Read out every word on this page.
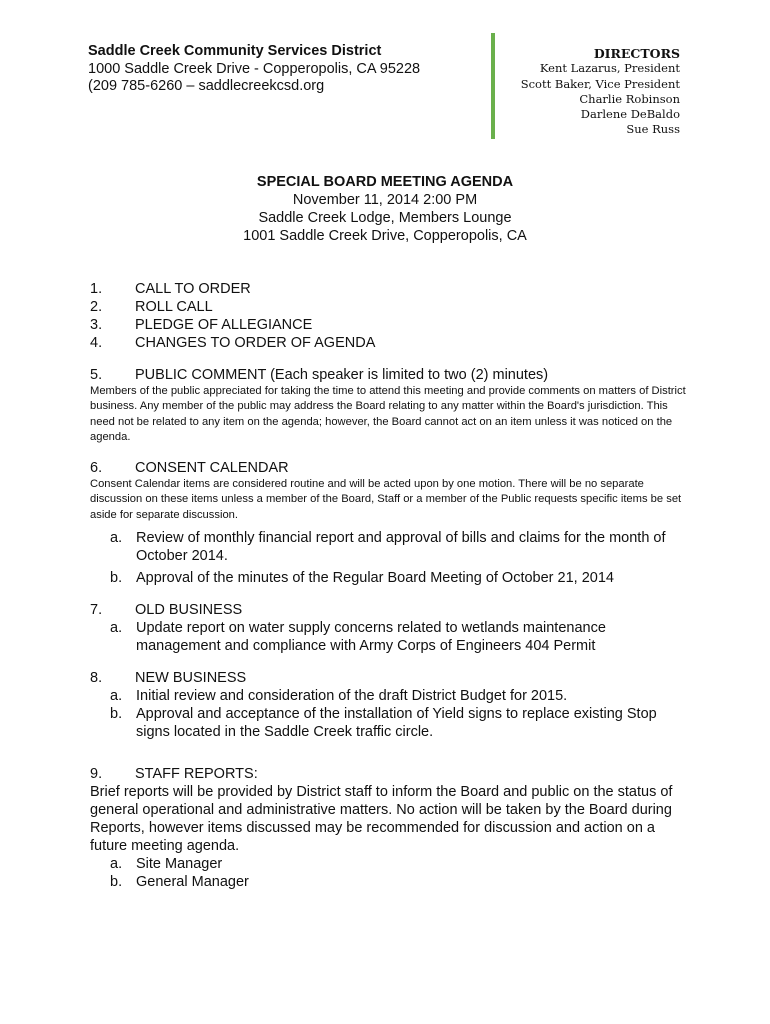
Saddle Creek Community Services District
1000 Saddle Creek Drive - Copperopolis, CA 95228
(209 785-6260 – saddlecreekcsd.org
DIRECTORS
Kent Lazarus, President
Scott Baker, Vice President
Charlie Robinson
Darlene DeBaldo
Sue Russ
SPECIAL BOARD MEETING AGENDA
November 11, 2014 2:00 PM
Saddle Creek Lodge, Members Lounge
1001 Saddle Creek Drive, Copperopolis, CA
1.	CALL TO ORDER
2.	ROLL CALL
3.	PLEDGE OF ALLEGIANCE
4.	CHANGES TO ORDER OF AGENDA
5.	PUBLIC COMMENT (Each speaker is limited to two (2) minutes)
Members of the public appreciated for taking the time to attend this meeting and provide comments on matters of District business. Any member of the public may address the Board relating to any matter within the Board's jurisdiction. This need not be related to any item on the agenda; however, the Board cannot act on an item unless it was noticed on the agenda.
6.	CONSENT CALENDAR
Consent Calendar items are considered routine and will be acted upon by one motion. There will be no separate discussion on these items unless a member of the Board, Staff or a member of the Public requests specific items be set aside for separate discussion.
a. Review of monthly financial report and approval of bills and claims for the month of October 2014.
b. Approval of the minutes of the Regular Board Meeting of October 21, 2014
7.	OLD BUSINESS
a. Update report on water supply concerns related to wetlands maintenance management and compliance with Army Corps of Engineers 404 Permit
8.	NEW BUSINESS
a. Initial review and consideration of the draft District Budget for 2015.
b. Approval and acceptance of the installation of Yield signs to replace existing Stop signs located in the Saddle Creek traffic circle.
9.	STAFF REPORTS:
Brief reports will be provided by District staff to inform the Board and public on the status of general operational and administrative matters. No action will be taken by the Board during Reports, however items discussed may be recommended for discussion and action on a future meeting agenda.
a. Site Manager
b. General Manager
